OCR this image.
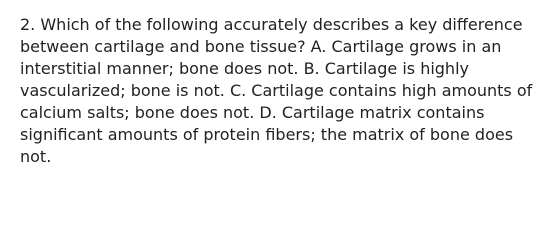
2. Which of the following accurately describes a key difference between cartilage and bone tissue? A. Cartilage grows in an interstitial manner; bone does not. B. Cartilage is highly vascularized; bone is not. C. Cartilage contains high amounts of calcium salts; bone does not. D. Cartilage matrix contains significant amounts of protein fibers; the matrix of bone does not.
